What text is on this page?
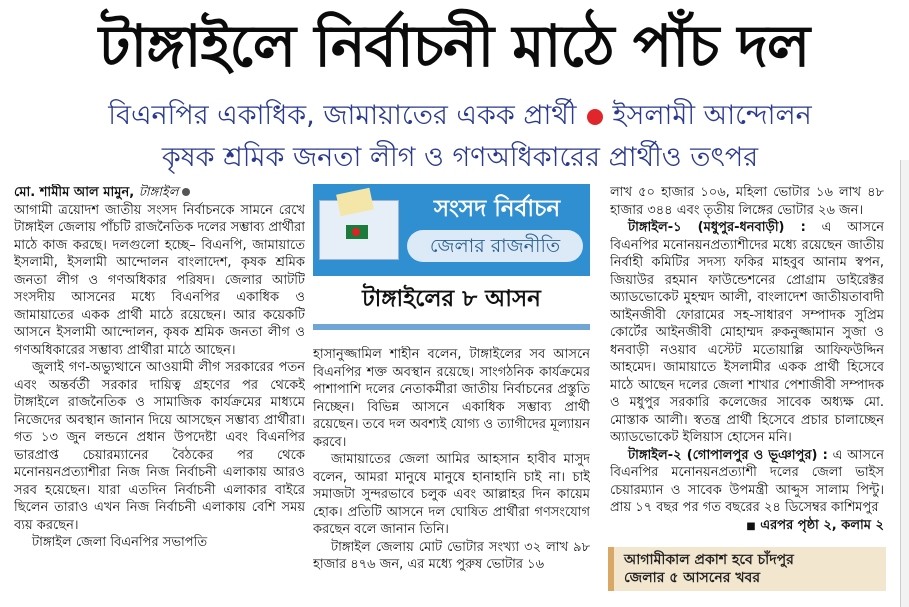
টাঙ্গাইলে নির্বাচনী মাঠে পাঁচ দল
বিএনপির একাধিক, জামায়াতের একক প্রার্থী ইসলামী আন্দোলন
কৃষক শ্রমিক জনতা লীগ ও গণঅধিকারের প্রার্থীও তৎপর

মো. শামীম আল মামুন, টাঙ্গাইল

আগামী ত্রয়োদশ জাতীয় সংসদ নির্বাচনকে সামনে রেখে টাঙ্গাইল জেলায় পাঁচটি রাজনৈতিক দলের সম্ভাব্য প্রার্থীরা মাঠে কাজ করছে। দলগুলো হচ্ছে– বিএনপি, জামায়াতে ইসলামী, ইসলামী আন্দোলন বাংলাদেশ, কৃষক শ্রমিক জনতা লীগ ও গণঅধিকার পরিষদ। জেলার আটটি সংসদীয় আসনের মধ্যে বিএনপির একাধিক ও জামায়াতের একক প্রার্থী মাঠে রয়েছেন। আর কয়েকটি আসনে ইসলামী আন্দোলন, কৃষক শ্রমিক জনতা লীগ ও গণঅধিকারের সম্ভাব্য প্রার্থীরা মাঠে আছেন।

জুলাই গণ-অভ্যুত্থানে আওয়ামী লীগ সরকারের পতন এবং অন্তর্বর্তী সরকার দায়িত্ব গ্রহণের পর থেকেই টাঙ্গাইলে রাজনৈতিক ও সামাজিক কার্যক্রমের মাধ্যমে নিজেদের অবস্থান জানান দিয়ে আসছেন সম্ভাব্য প্রার্থীরা। গত ১৩ জুন লন্ডনে প্রধান উপদেষ্টা এবং বিএনপির ভারপ্রাপ্ত চেয়ারম্যানের বৈঠকের পর থেকে মনোনয়নপ্রত্যাশীরা নিজ নিজ নির্বাচনী এলাকায় আরও সরব হয়েছেন। যারা এতদিন নির্বাচনী এলাকার বাইরে ছিলেন তারাও এখন নিজ নির্বাচনী এলাকায় বেশি সময় ব্যয় করছেন।

টাঙ্গাইল জেলা বিএনপির সভাপতি

সংসদ নির্বাচন
জেলার রাজনীতি
টাঙ্গাইলের ৮ আসন

হাসানুজ্জামিল শাহীন বলেন, টাঙ্গাইলের সব আসনে বিএনপির শক্ত অবস্থান রয়েছে। সাংগঠনিক কার্যক্রমের পাশাপাশি দলের নেতাকর্মীরা জাতীয় নির্বাচনের প্রস্তুতি নিচ্ছেন। বিভিন্ন আসনে একাধিক সম্ভাব্য প্রার্থী রয়েছেন। তবে দল অবশ্যই যোগ্য ও ত্যাগীদের মূল্যায়ন করবে।

জামায়াতের জেলা আমির আহসান হাবীব মাসুদ বলেন, আমরা মানুষে মানুষে হানাহানি চাই না। চাই সমাজটা সুন্দরভাবে চলুক এবং আল্লাহর দিন কায়েম হোক। প্রতিটি আসনে দল ঘোষিত প্রার্থীরা গণসংযোগ করছেন বলে জানান তিনি।

টাঙ্গাইল জেলায় মোট ভোটার সংখ্যা ৩২ লাখ ৯৮ হাজার ৪৭৬ জন, এর মধ্যে পুরুষ ভোটার ১৬

লাখ ৫০ হাজার ১০৬, মহিলা ভোটার ১৬ লাখ ৪৮ হাজার ৩৪৪ এবং তৃতীয় লিঙ্গের ভোটার ২৬ জন।

টাঙ্গাইল-১ (মধুপুর-ধনবাড়ী) : এ আসনে বিএনপির মনোনয়নপ্রত্যাশীদের মধ্যে রয়েছেন জাতীয় নির্বাহী কমিটির সদস্য ফকির মাহবুব আনাম স্বপন, জিয়াউর রহমান ফাউন্ডেশনের প্রোগ্রাম ডাইরেক্টর অ্যাডভোকেট মুহম্মদ আলী, বাংলাদেশ জাতীয়তাবাদী আইনজীবী ফোরামের সহ-সাধারণ সম্পাদক সুপ্রিম কোর্টের আইনজীবী মোহাম্মদ রুকনুজ্জামান সুজা ও ধনবাড়ী নওয়াব এস্টেট মতোয়াল্লি আফিফউদ্দিন আহমেদ। জামায়াতে ইসলামীর একক প্রার্থী হিসেবে মাঠে আছেন দলের জেলা শাখার পেশাজীবী সম্পাদক ও মধুপুর সরকারি কলেজের সাবেক অধ্যক্ষ মো. মোস্তাক আলী। স্বতন্ত্র প্রার্থী হিসেবে প্রচার চালাচ্ছেন অ্যাডভোকেট ইলিয়াস হোসেন মনি।

টাঙ্গাইল-২ (গোপালপুর ও ভূঞাপুর) : এ আসনে বিএনপির মনোনয়নপ্রত্যাশী দলের জেলা ভাইস চেয়ারম্যান ও সাবেক উপমন্ত্রী আব্দুস সালাম পিন্টু। প্রায় ১৭ বছর পর গত বছরের ২৪ ডিসেম্বর কাশিমপুর

■ এরপর পৃষ্ঠা ২, কলাম ২

আগামীকাল প্রকাশ হবে চাঁদপুর
জেলার ৫ আসনের খবর
